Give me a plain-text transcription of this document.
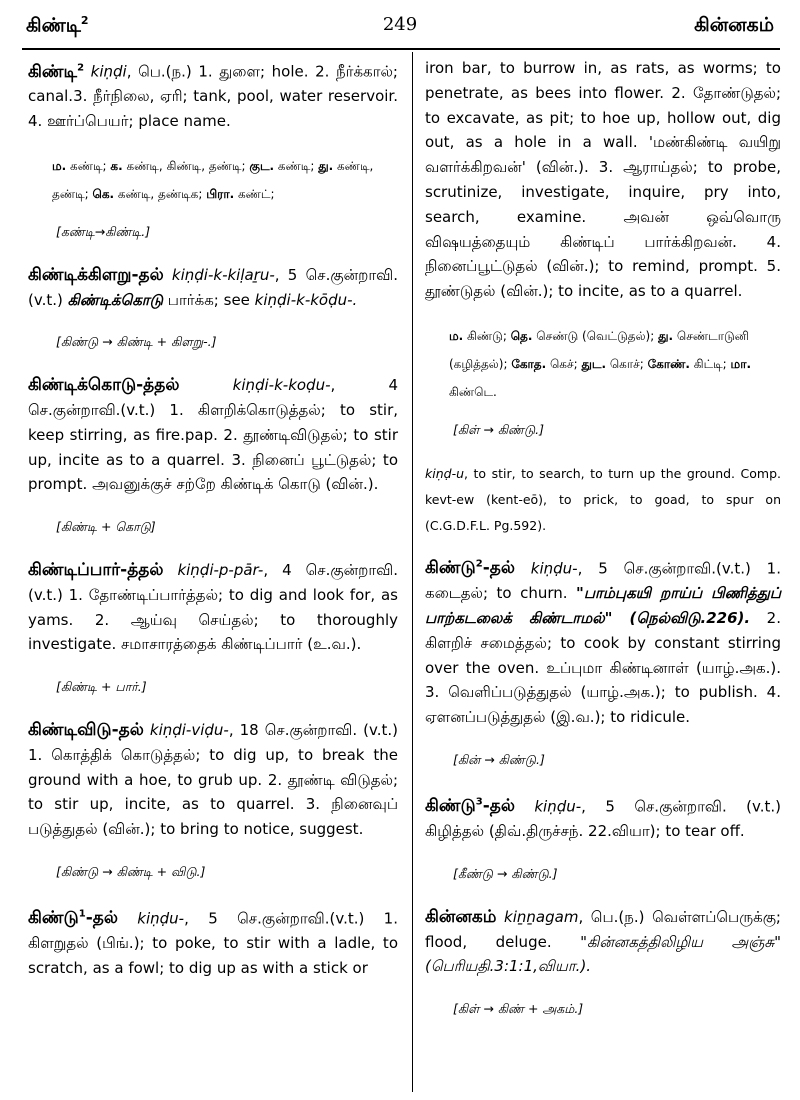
கிண்டி$^2$	249	கின்னகம்

கிண்டி$^2$ kiṇḍi, பெ.(ந.) 1. துளை; hole. 2. நீர்க்கால்; canal.3. நீர்நிலை, ஏரி; tank, pool, water reservoir. 4. ஊர்ப்பெயர்; place name.

ம. கண்டி; க. கண்டி, கிண்டி, தண்டி; குட. கண்டி; து. கண்டி, தண்டி; கெ. கண்டி, தண்டிக; பிரா. கண்ட்;

[கண்டி→கிண்டி.]

கிண்டிக்கிளறு-தல் kiṇḍi-k-kiḷaṟu-, 5 செ.குன்றாவி. (v.t.) கிண்டிக்கொடு பார்க்க; see kiṇḍi-k-kōḍu-.

[கிண்டு → கிண்டி + கிளறு-.]

கிண்டிக்கொடு-த்தல் kiṇḍi-k-koḍu-, 4 செ.குன்றாவி.(v.t.) 1. கிளறிக்கொடுத்தல்; to stir, keep stirring, as fire.pap. 2. தூண்டிவிடுதல்; to stir up, incite as to a quarrel. 3. நினைப் பூட்டுதல்; to prompt. அவனுக்குச் சற்றே கிண்டிக் கொடு (வின்.).

[கிண்டி + கொடு]

கிண்டிப்பார்-த்தல் kiṇḍi-p-pār-, 4 செ.குன்றாவி. (v.t.) 1. தோண்டிப்பார்த்தல்; to dig and look for, as yams. 2. ஆய்வு செய்தல்; to thoroughly investigate. சமாசாரத்தைக் கிண்டிப்பார் (உ.வ.).

[கிண்டி + பார்.]

கிண்டிவிடு-தல் kiṇḍi-viḍu-, 18 செ.குன்றாவி. (v.t.) 1. கொத்திக் கொடுத்தல்; to dig up, to break the ground with a hoe, to grub up. 2. தூண்டி விடுதல்; to stir up, incite, as to quarrel. 3. நினைவுப் படுத்துதல் (வின்.); to bring to notice, suggest.

[கிண்டு → கிண்டி + விடு.]

கிண்டு$^1$-தல் kiṇḍu-, 5 செ.குன்றாவி.(v.t.) 1. கிளறுதல் (பிங்.); to poke, to stir with a ladle, to scratch, as a fowl; to dig up as with a stick or

iron bar, to burrow in, as rats, as worms; to penetrate, as bees into flower. 2. தோண்டுதல்; to excavate, as pit; to hoe up, hollow out, dig out, as a hole in a wall. 'மண்கிண்டி வயிறு வளர்க்கிறவன்' (வின்.). 3. ஆராய்தல்; to probe, scrutinize, investigate, inquire, pry into, search, examine. அவன் ஒவ்வொரு விஷயத்தையும் கிண்டிப் பார்க்கிறவன். 4. நினைப்பூட்டுதல் (வின்.); to remind, prompt. 5. தூண்டுதல் (வின்.); to incite, as to a quarrel.

ம. கிண்டு; தெ. செண்டு (வெட்டுதல்); து. செண்டாடுனி (கழித்தல்); கோத. கெச்; துட. கொச்; கோண். கிட்டி; மா. கிண்டெ.

[கிள் → கிண்டு.]

kiṇḍ-u, to stir, to search, to turn up the ground. Comp. kevt-ew (kent-eō), to prick, to goad, to spur on (C.G.D.F.L. Pg.592).

கிண்டு$^2$-தல் kiṇḍu-, 5 செ.குன்றாவி.(v.t.) 1. கடைதல்; to churn. "பாம்புகயி றாய்ப் பிணித்துப் பாற்கடலைக் கிண்டாமல்" (நெல்விடு.226). 2. கிளறிச் சமைத்தல்; to cook by constant stirring over the oven. உப்புமா கிண்டினாள் (யாழ்.அக.). 3. வெளிப்படுத்துதல் (யாழ்.அக.); to publish. 4. ஏளனப்படுத்துதல் (இ.வ.); to ridicule.

[கின் → கிண்டு.]

கிண்டு$^3$-தல் kiṇḍu-, 5 செ.குன்றாவி. (v.t.) கிழித்தல் (திவ்.திருச்சந். 22.வியா); to tear off.

[கீண்டு → கிண்டு.]

கின்னகம் kiṉṉagam, பெ.(ந.) வெள்ளப்பெருக்கு; flood, deluge. "கின்னகத்திலிழிய அஞ்சு" (பெரியதி.3:1:1,வியா.).

[கிள் → கிண் + அகம்.]
